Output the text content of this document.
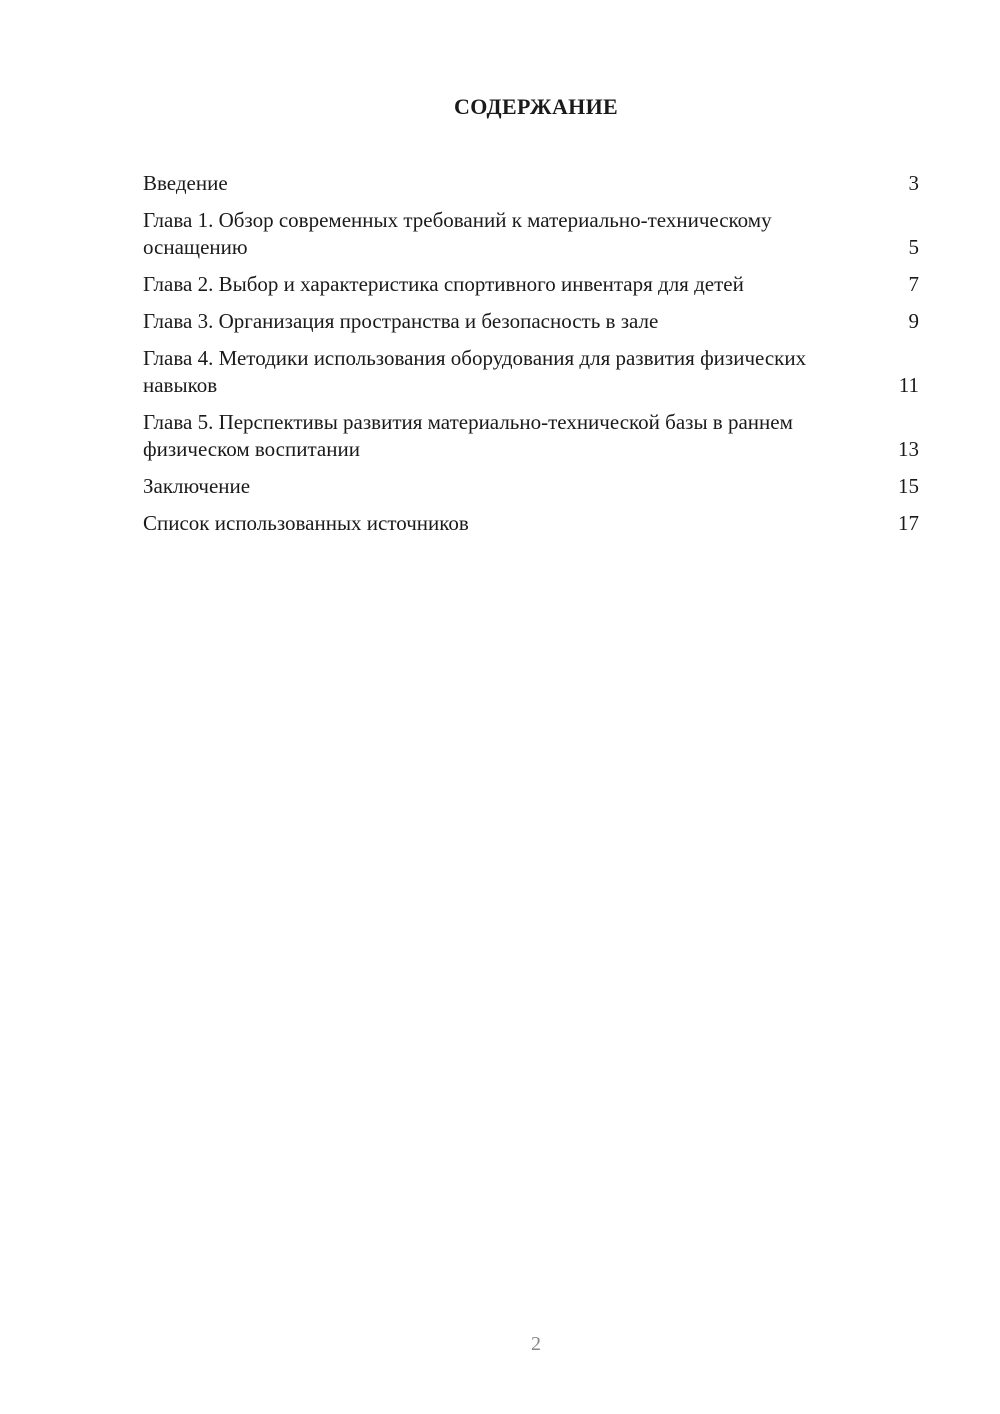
СОДЕРЖАНИЕ
Введение	3
Глава 1. Обзор современных требований к материально-техническому оснащению	5
Глава 2. Выбор и характеристика спортивного инвентаря для детей	7
Глава 3. Организация пространства и безопасность в зале	9
Глава 4. Методики использования оборудования для развития физических навыков	11
Глава 5. Перспективы развития материально-технической базы в раннем физическом воспитании	13
Заключение	15
Список использованных источников	17
2
